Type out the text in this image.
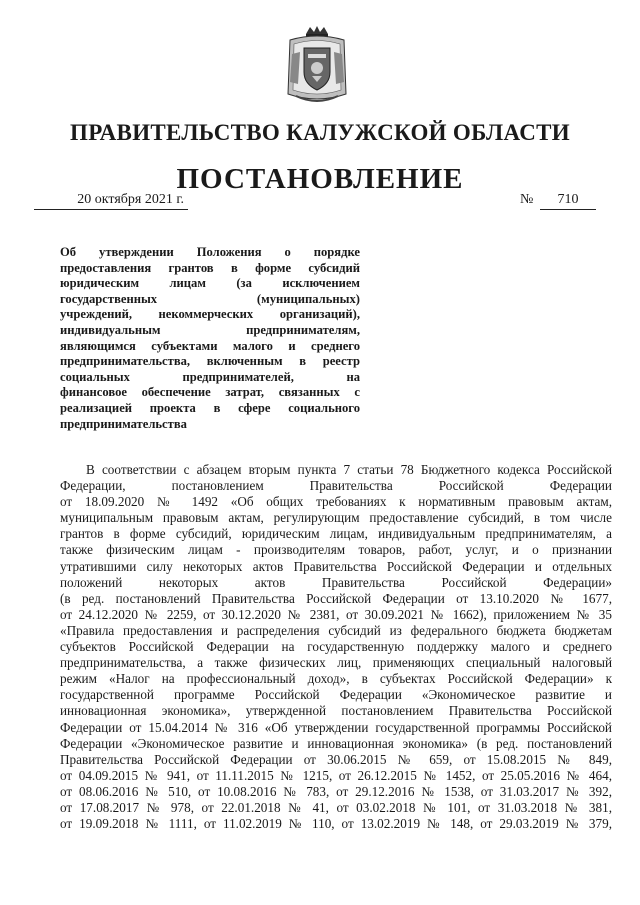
ПРАВИТЕЛЬСТВО КАЛУЖСКОЙ ОБЛАСТИ
ПОСТАНОВЛЕНИЕ
20 октября 2021 г.	№	710
Об утверждении Положения о порядке
предоставления грантов в форме субсидий
юридическим лицам (за исключением
государственных (муниципальных)
учреждений, некоммерческих организаций),
индивидуальным предпринимателям,
являющимся субъектами малого и среднего
предпринимательства, включенным в реестр
социальных предпринимателей, на
финансовое обеспечение затрат, связанных с
реализацией проекта в сфере социального
предпринимательства
В соответствии с абзацем вторым пункта 7 статьи 78 Бюджетного кодекса Российской
Федерации, постановлением Правительства Российской Федерации
от 18.09.2020 № 1492 «Об общих требованиях к нормативным правовым актам,
муниципальным правовым актам, регулирующим предоставление субсидий, в том числе
грантов в форме субсидий, юридическим лицам, индивидуальным предпринимателям, а
также физическим лицам - производителям товаров, работ, услуг, и о признании
утратившими силу некоторых актов Правительства Российской Федерации и отдельных
положений некоторых актов Правительства Российской Федерации»
(в ред. постановлений Правительства Российской Федерации от 13.10.2020 № 1677,
от 24.12.2020 № 2259, от 30.12.2020 № 2381, от 30.09.2021 № 1662), приложением № 35
«Правила предоставления и распределения субсидий из федерального бюджета бюджетам
субъектов Российской Федерации на государственную поддержку малого и среднего
предпринимательства, а также физических лиц, применяющих специальный налоговый
режим «Налог на профессиональный доход», в субъектах Российской Федерации» к
государственной программе Российской Федерации «Экономическое развитие и
инновационная экономика», утвержденной постановлением Правительства Российской
Федерации от 15.04.2014 № 316 «Об утверждении государственной программы Российской
Федерации «Экономическое развитие и инновационная экономика» (в ред. постановлений
Правительства Российской Федерации от 30.06.2015 № 659, от 15.08.2015 № 849,
от 04.09.2015 № 941, от 11.11.2015 № 1215, от 26.12.2015 № 1452, от 25.05.2016 № 464,
от 08.06.2016 № 510, от 10.08.2016 № 783, от 29.12.2016 № 1538, от 31.03.2017 № 392,
от 17.08.2017 № 978, от 22.01.2018 № 41, от 03.02.2018 № 101, от 31.03.2018 № 381,
от 19.09.2018 № 1111, от 11.02.2019 № 110, от 13.02.2019 № 148, от 29.03.2019 № 379,
